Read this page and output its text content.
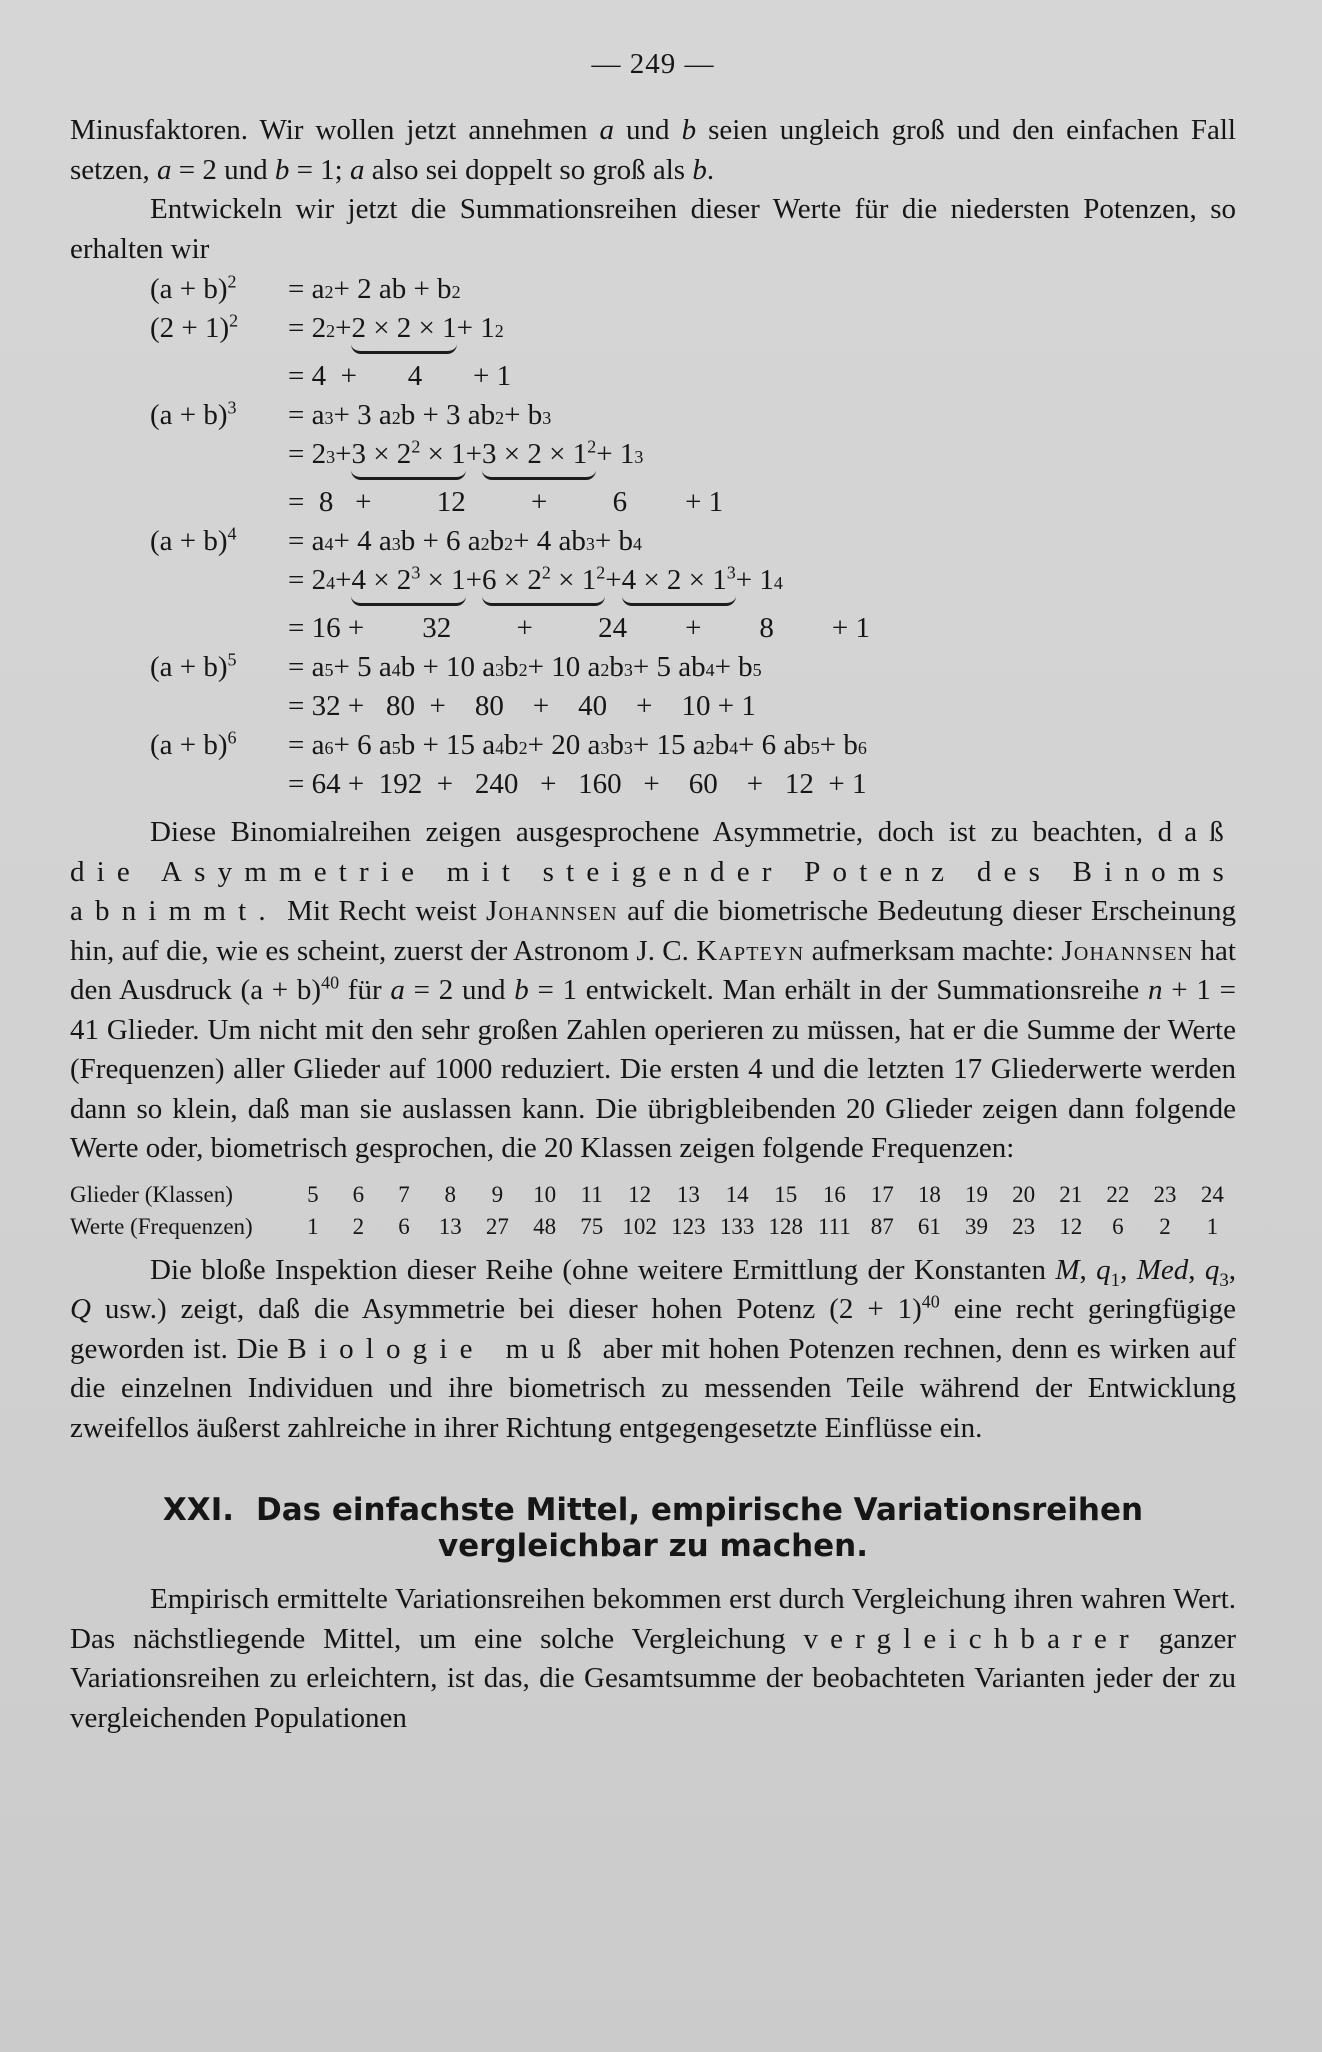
— 249 —

Minusfaktoren. Wir wollen jetzt annehmen a und b seien ungleich groß und den einfachen Fall setzen, a = 2 und b = 1; a also sei doppelt so groß als b.

Entwickeln wir jetzt die Summationsreihen dieser Werte für die niedersten Potenzen, so erhalten wir

$(a + b)^2$	= a 2 + 2 ab + b 2
$(2 + 1)^2$	= 2 2 + 2 × 2 × 1 + 1 2
= 4  +       4       + 1
$(a + b)^3$	= a 3 + 3 a 2 b + 3 ab 2 + b 3
= 2 $3 + 3 \times 2^2 \times 1 + 3 \times 2 \times 1^2 + 1$ 3
=  8   +         12         +         6        + 1
$(a + b)^4$	= a 4 + 4 a 3 b + 6 a 2 b 2 + 4 ab 3 + b 4
= 2 $4 + 4 \times 2^3 \times 1 + 6 \times 2^2 \times 1^2 + 4 \times 2 \times 1^3 + 1$ 4
= 16 +        32         +         24        +        8        + 1
$(a + b)^5$	= a 5 + 5 a 4 b + 10 a 3 b 2 + 10 a 2 b 3 + 5 ab 4 + b 5
= 32 +   80  +    80    +    40    +    10 + 1
$(a + b)^6$	= a 6 + 6 a 5 b + 15 a 4 b 2 + 20 a 3 b 3 + 15 a 2 b 4 + 6 ab 5 + b 6
= 64 +  192  +   240   +   160   +    60    +   12  + 1

Diese Binomialreihen zeigen ausgesprochene Asymmetrie, doch ist zu beachten, daß die Asymmetrie mit steigender Potenz des Binoms abnimmt. Mit Recht weist Johannsen auf die biometrische Bedeutung dieser Erscheinung hin, auf die, wie es scheint, zuerst der Astronom J. C. Kapteyn aufmerksam machte: Johannsen hat den Ausdruck $(a + b)^{40}$ für a = 2 und b = 1 entwickelt. Man erhält in der Summationsreihe n + 1 = 41 Glieder. Um nicht mit den sehr großen Zahlen operieren zu müssen, hat er die Summe der Werte (Frequenzen) aller Glieder auf 1000 reduziert. Die ersten 4 und die letzten 17 Gliederwerte werden dann so klein, daß man sie auslassen kann. Die übrigbleibenden 20 Glieder zeigen dann folgende Werte oder, biometrisch gesprochen, die 20 Klassen zeigen folgende Frequenzen:

Glieder (Klassen)	5	6	7	8	9	10	11	12	13	14	15	16	17	18	19	20	21	22	23	24
Werte (Frequenzen)	1	2	6	13	27	48	75	102	123	133	128	111	87	61	39	23	12	6	2	1

Die bloße Inspektion dieser Reihe (ohne weitere Ermittlung der Konstanten M, $q_1$, Med, $q_3$, Q usw.) zeigt, daß die Asymmetrie bei dieser hohen Potenz $(2 + 1)^{40}$ eine recht geringfügige geworden ist. Die Biologie muß aber mit hohen Potenzen rechnen, denn es wirken auf die einzelnen Individuen und ihre biometrisch zu messenden Teile während der Entwicklung zweifellos äußerst zahlreiche in ihrer Richtung entgegengesetzte Einflüsse ein.

XXI. Das einfachste Mittel, empirische Variationsreihen vergleichbar zu machen.

Empirisch ermittelte Variationsreihen bekommen erst durch Vergleichung ihren wahren Wert. Das nächstliegende Mittel, um eine solche Vergleichung vergleichbarer ganzer Variationsreihen zu erleichtern, ist das, die Gesamtsumme der beobachteten Varianten jeder der zu vergleichenden Populationen
